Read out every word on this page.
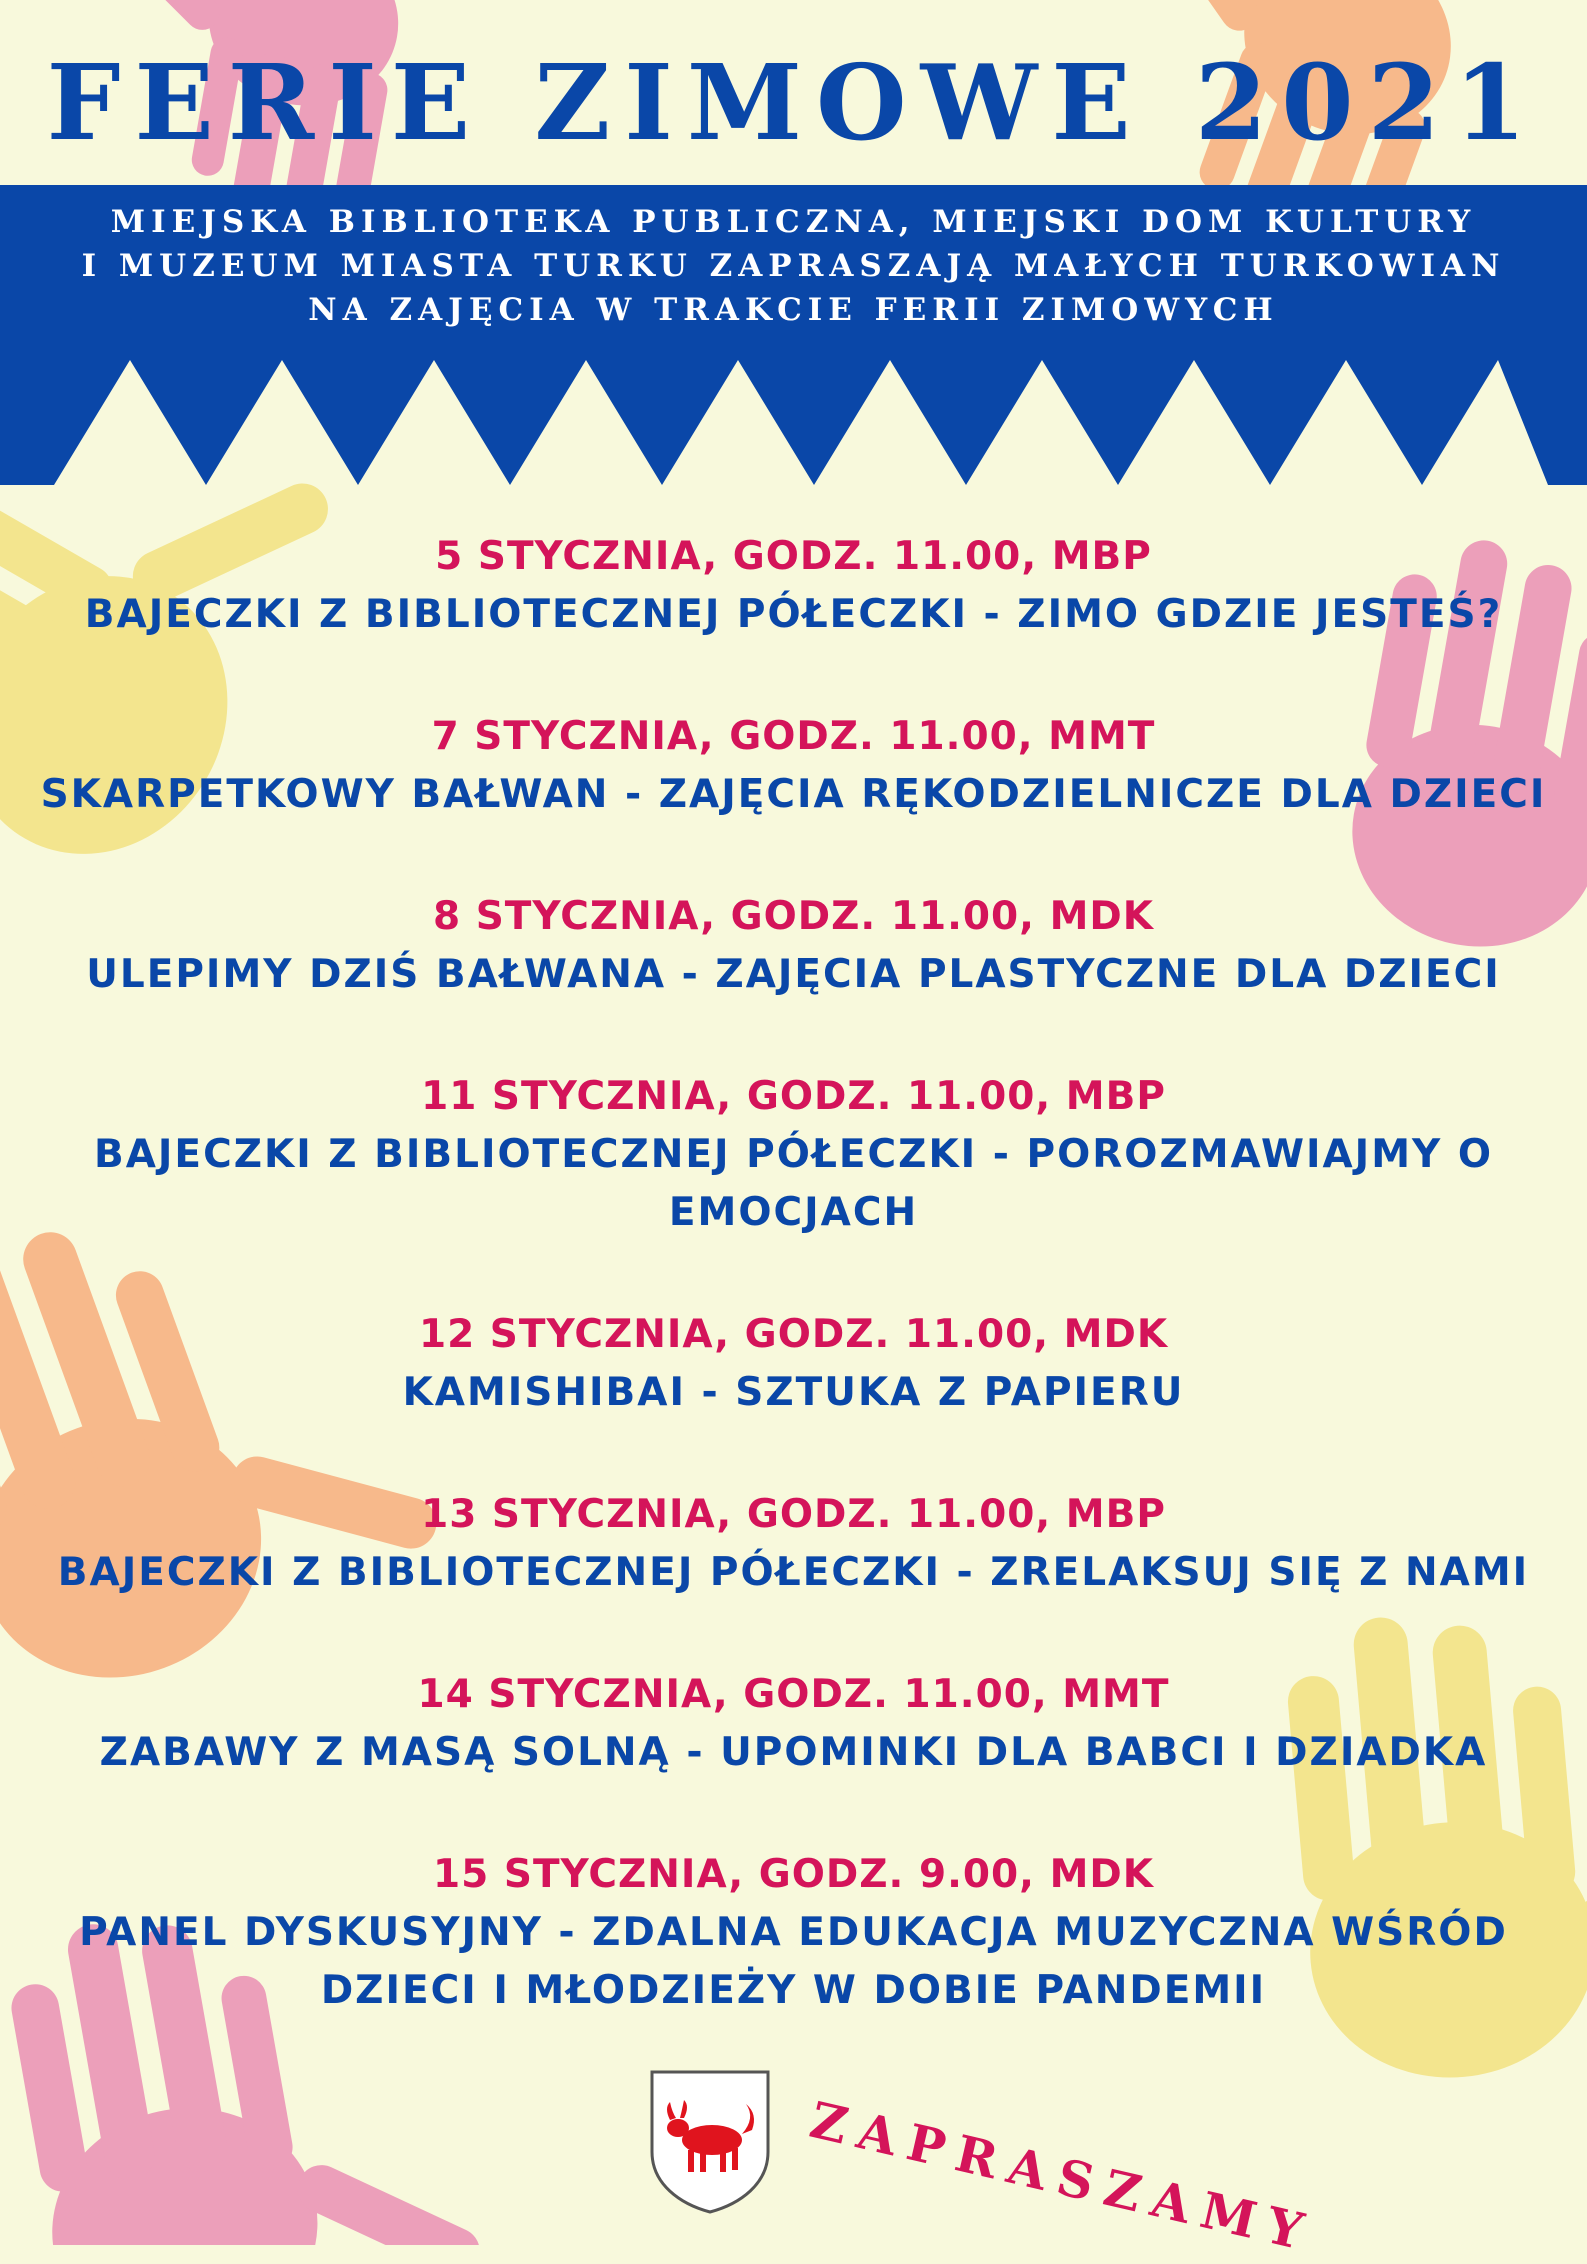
FERIE ZIMOWE 2021
MIEJSKA BIBLIOTEKA PUBLICZNA, MIEJSKI DOM KULTURY
I MUZEUM MIASTA TURKU ZAPRASZAJĄ MAŁYCH TURKOWIAN
NA ZAJĘCIA W TRAKCIE FERII ZIMOWYCH
5 STYCZNIA, GODZ. 11.00, MBP
BAJECZKI Z BIBLIOTECZNEJ PÓŁECZKI - ZIMO GDZIE JESTEŚ?
7 STYCZNIA, GODZ. 11.00, MMT
SKARPETKOWY BAŁWAN - ZAJĘCIA RĘKODZIELNICZE DLA DZIECI
8 STYCZNIA, GODZ. 11.00, MDK
ULEPIMY DZIŚ BAŁWANA - ZAJĘCIA PLASTYCZNE DLA DZIECI
11 STYCZNIA, GODZ. 11.00, MBP
BAJECZKI Z BIBLIOTECZNEJ PÓŁECZKI - POROZMAWIAJMY O
EMOCJACH
12 STYCZNIA, GODZ. 11.00, MDK
KAMISHIBAI - SZTUKA Z PAPIERU
13 STYCZNIA, GODZ. 11.00, MBP
BAJECZKI Z BIBLIOTECZNEJ PÓŁECZKI - ZRELAKSUJ SIĘ Z NAMI
14 STYCZNIA, GODZ. 11.00, MMT
ZABAWY Z MASĄ SOLNĄ - UPOMINKI DLA BABCI I DZIADKA
15 STYCZNIA, GODZ. 9.00, MDK
PANEL DYSKUSYJNY - ZDALNA EDUKACJA MUZYCZNA WŚRÓD
DZIECI I MŁODZIEŻY W DOBIE PANDEMII
ZAPRASZAMY
